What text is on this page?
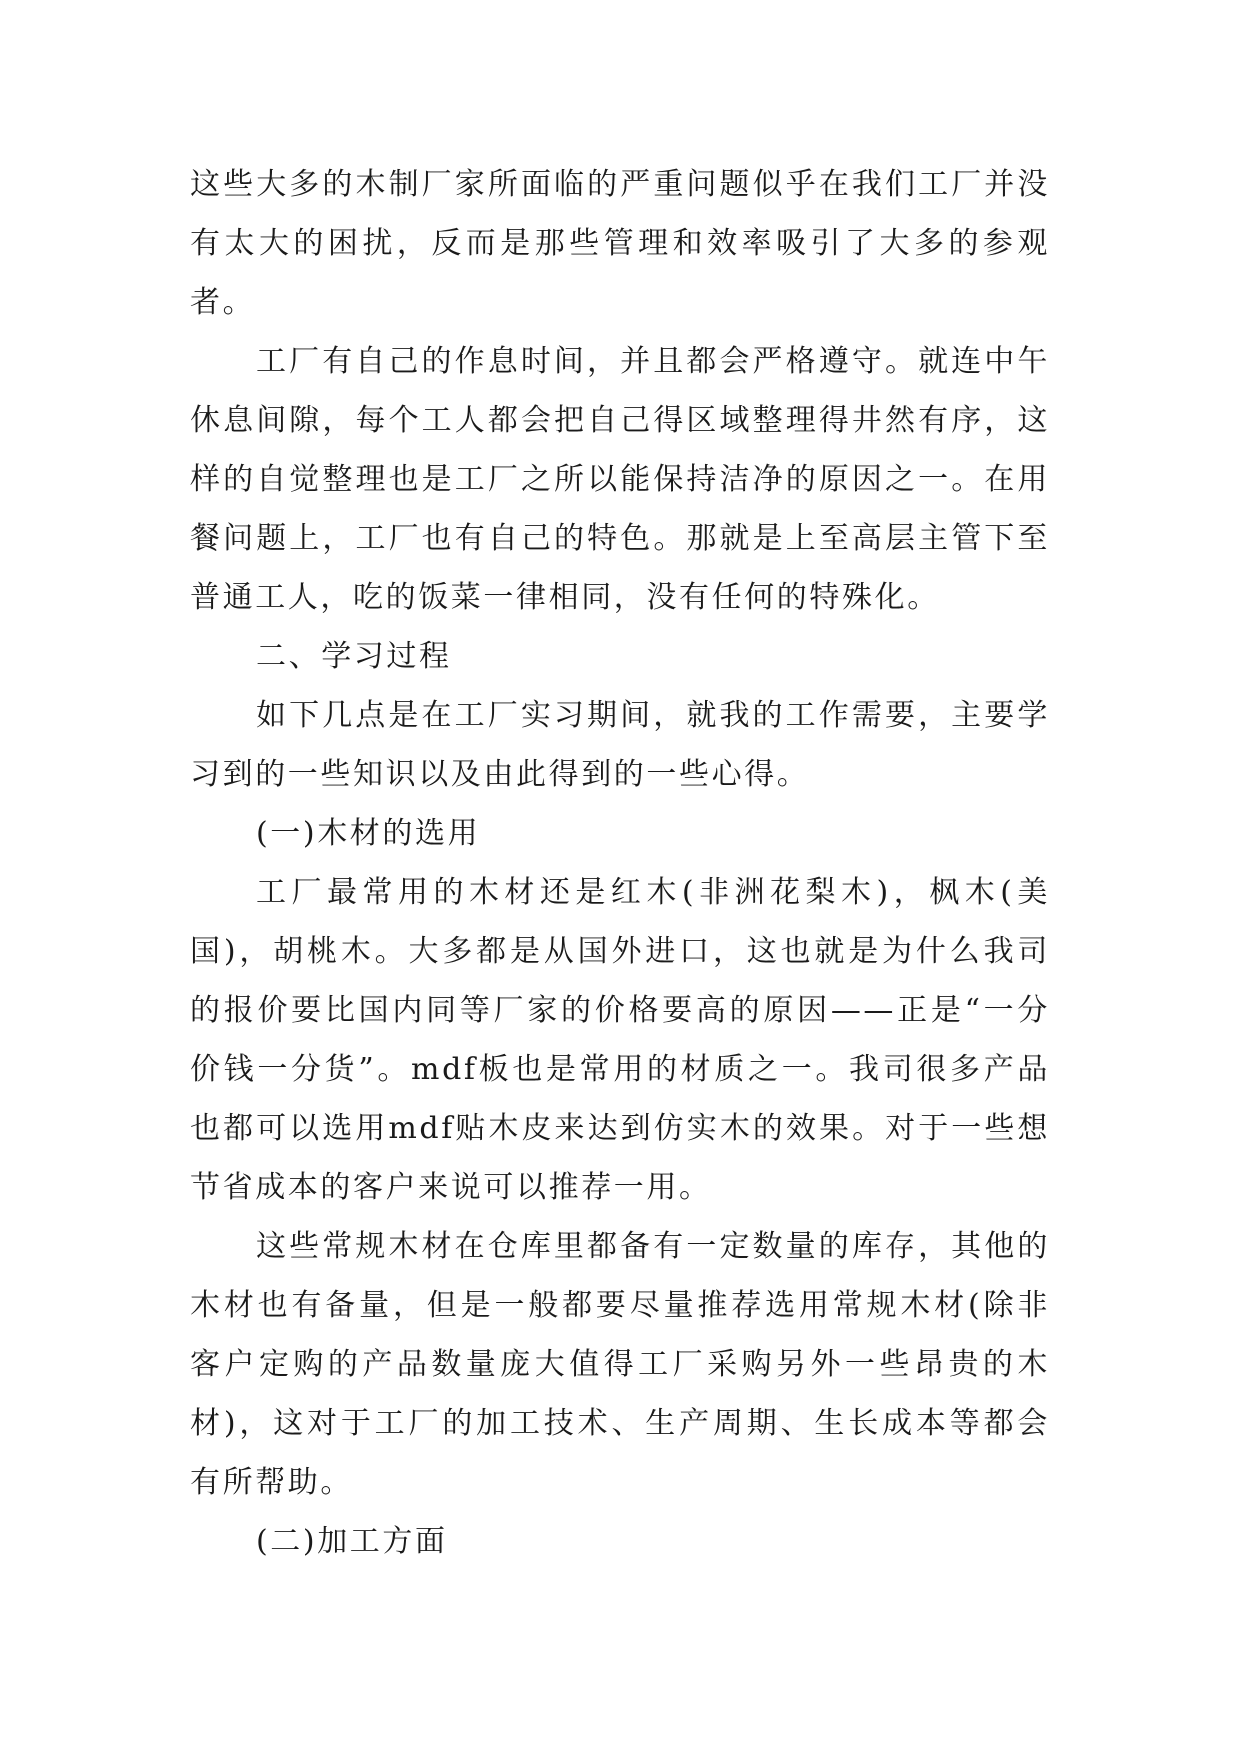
这些大多的木制厂家所面临的严重问题似乎在我们工厂并没有太大的困扰，反而是那些管理和效率吸引了大多的参观者。

工厂有自己的作息时间，并且都会严格遵守。就连中午休息间隙，每个工人都会把自己得区域整理得井然有序，这样的自觉整理也是工厂之所以能保持洁净的原因之一。在用餐问题上，工厂也有自己的特色。那就是上至高层主管下至普通工人，吃的饭菜一律相同，没有任何的特殊化。

二、学习过程

如下几点是在工厂实习期间，就我的工作需要，主要学习到的一些知识以及由此得到的一些心得。

(一)木材的选用

工厂最常用的木材还是红木(非洲花梨木)，枫木(美国)，胡桃木。大多都是从国外进口，这也就是为什么我司的报价要比国内同等厂家的价格要高的原因——正是“一分价钱一分货”。mdf板也是常用的材质之一。我司很多产品也都可以选用mdf贴木皮来达到仿实木的效果。对于一些想节省成本的客户来说可以推荐一用。

这些常规木材在仓库里都备有一定数量的库存，其他的木材也有备量，但是一般都要尽量推荐选用常规木材(除非客户定购的产品数量庞大值得工厂采购另外一些昂贵的木材)，这对于工厂的加工技术、生产周期、生长成本等都会有所帮助。

(二)加工方面
